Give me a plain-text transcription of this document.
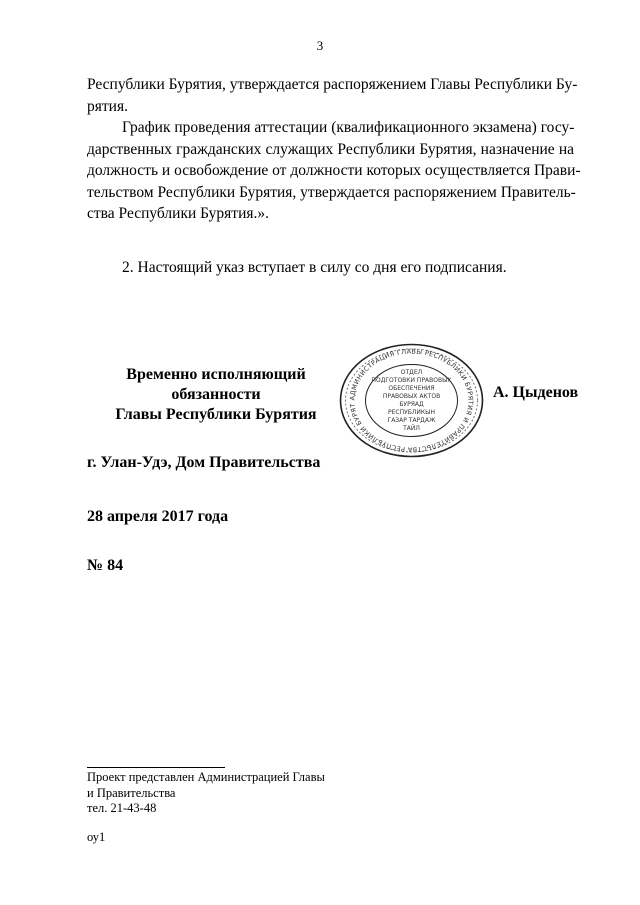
3
Республики Бурятия, утверждается распоряжением Главы Республики Бу-
рятия.
График проведения аттестации (квалификационного экзамена) госу-
дарственных гражданских служащих Республики Бурятия, назначение на
должность и освобождение от должности которых осуществляется Прави-
тельством Республики Бурятия, утверждается распоряжением Правитель-
ства Республики Бурятия.».
2. Настоящий указ вступает в силу со дня его подписания.
Временно исполняющий обязанности
Главы Республики Бурятия
АДМИНИСТРАЦИЯ ГЛАВЫ РЕСПУБЛИКИ БУРЯТИЯ И ПРАВИТЕЛЬСТВА РЕСПУБЛИКИ БУРЯТ
ОТДЕЛ
ПОДГОТОВКИ ПРАВОВЫХ
ОБЕСПЕЧЕНИЯ
ПРАВОВЫХ АКТОВ
БУРЯАД
РЕСПУБЛИКЫН
ГАЗАР ТАРДАЖ
ТАЙЛ
А. Цыденов
г. Улан-Удэ, Дом Правительства
28 апреля 2017 года
№ 84
Проект представлен Администрацией Главы
и Правительства
тел. 21-43-48
оу1
